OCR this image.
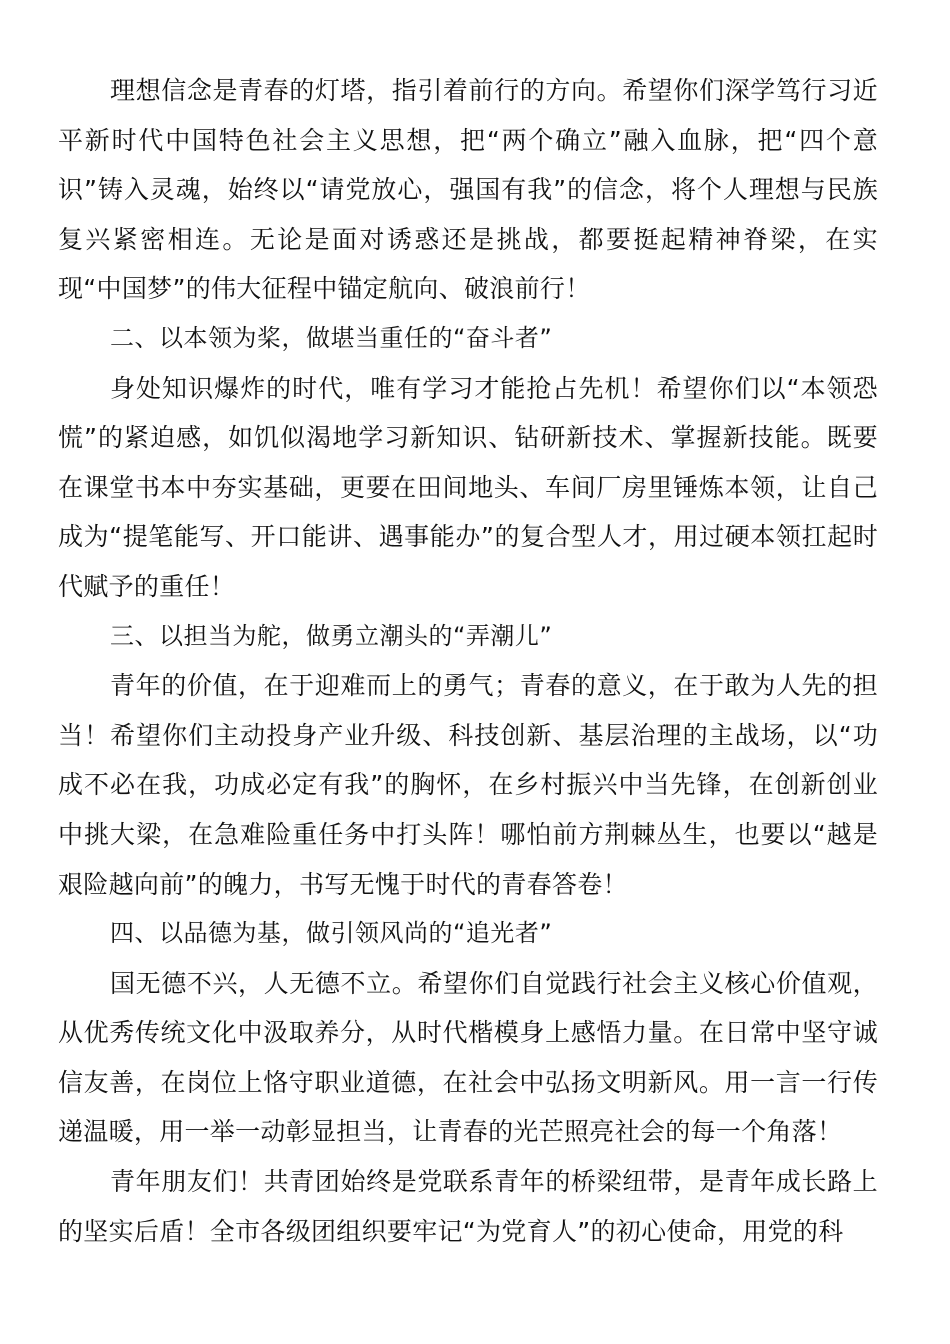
理想信念是青春的灯塔，指引着前行的方向。希望你们深学笃行习近平新时代中国特色社会主义思想，把“两个确立”融入血脉，把“四个意识”铸入灵魂，始终以“请党放心，强国有我”的信念，将个人理想与民族复兴紧密相连。无论是面对诱惑还是挑战，都要挺起精神脊梁，在实现“中国梦”的伟大征程中锚定航向、破浪前行！

二、以本领为桨，做堪当重任的“奋斗者”

身处知识爆炸的时代，唯有学习才能抢占先机！希望你们以“本领恐慌”的紧迫感，如饥似渴地学习新知识、钻研新技术、掌握新技能。既要在课堂书本中夯实基础，更要在田间地头、车间厂房里锤炼本领，让自己成为“提笔能写、开口能讲、遇事能办”的复合型人才，用过硬本领扛起时代赋予的重任！

三、以担当为舵，做勇立潮头的“弄潮儿”

青年的价值，在于迎难而上的勇气；青春的意义，在于敢为人先的担当！希望你们主动投身产业升级、科技创新、基层治理的主战场，以“功成不必在我，功成必定有我”的胸怀，在乡村振兴中当先锋，在创新创业中挑大梁，在急难险重任务中打头阵！哪怕前方荆棘丛生，也要以“越是艰险越向前”的魄力，书写无愧于时代的青春答卷！

四、以品德为基，做引领风尚的“追光者”

国无德不兴，人无德不立。希望你们自觉践行社会主义核心价值观，从优秀传统文化中汲取养分，从时代楷模身上感悟力量。在日常中坚守诚信友善，在岗位上恪守职业道德，在社会中弘扬文明新风。用一言一行传递温暖，用一举一动彰显担当，让青春的光芒照亮社会的每一个角落！

青年朋友们！共青团始终是党联系青年的桥梁纽带，是青年成长路上的坚实后盾！全市各级团组织要牢记“为党育人”的初心使命，用党的科
